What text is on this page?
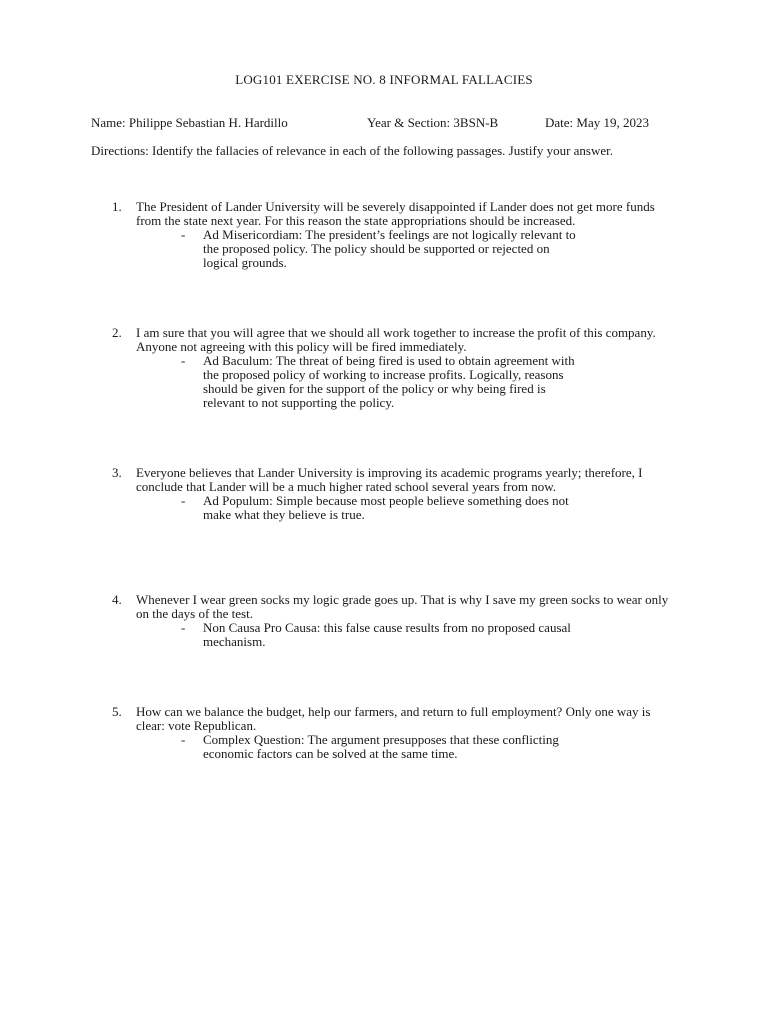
LOG101 EXERCISE NO. 8 INFORMAL FALLACIES
Name: Philippe Sebastian H. Hardillo	Year & Section: 3BSN-B	Date: May 19, 2023
Directions: Identify the fallacies of relevance in each of the following passages. Justify your answer.
1. The President of Lander University will be severely disappointed if Lander does not get more funds from the state next year. For this reason the state appropriations should be increased.
- Ad Misericordiam: The president’s feelings are not logically relevant to the proposed policy. The policy should be supported or rejected on logical grounds.
2. I am sure that you will agree that we should all work together to increase the profit of this company. Anyone not agreeing with this policy will be fired immediately.
- Ad Baculum: The threat of being fired is used to obtain agreement with the proposed policy of working to increase profits. Logically, reasons should be given for the support of the policy or why being fired is relevant to not supporting the policy.
3. Everyone believes that Lander University is improving its academic programs yearly; therefore, I conclude that Lander will be a much higher rated school several years from now.
- Ad Populum: Simple because most people believe something does not make what they believe is true.
4. Whenever I wear green socks my logic grade goes up. That is why I save my green socks to wear only on the days of the test.
- Non Causa Pro Causa: this false cause results from no proposed causal mechanism.
5. How can we balance the budget, help our farmers, and return to full employment? Only one way is clear: vote Republican.
- Complex Question: The argument presupposes that these conflicting economic factors can be solved at the same time.
